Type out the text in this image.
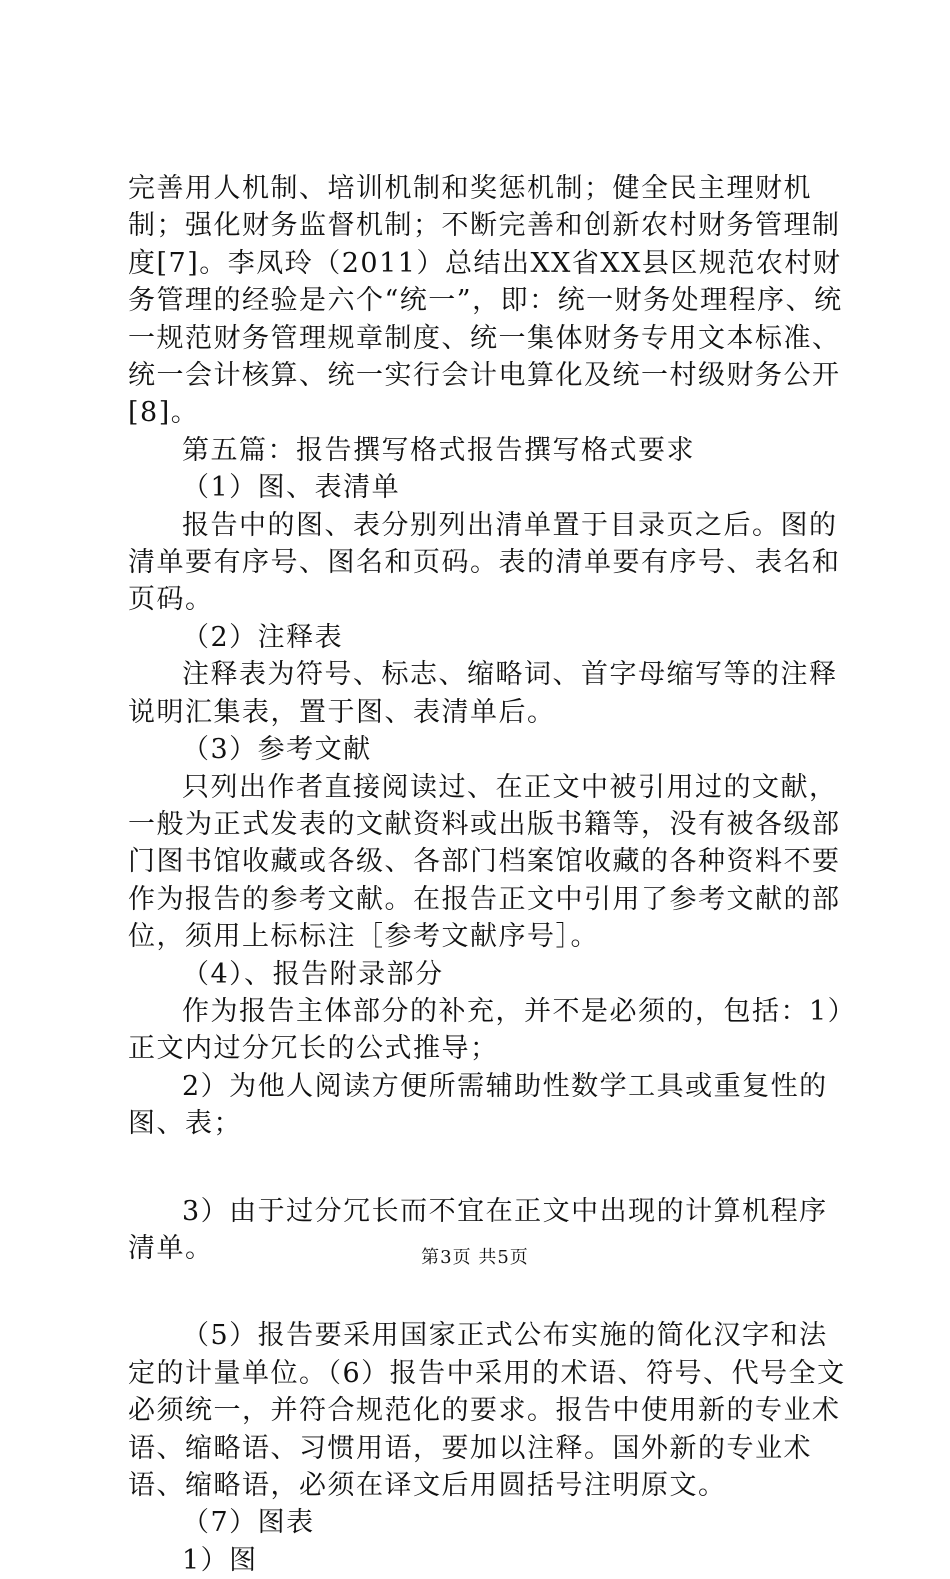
完善用人机制、培训机制和奖惩机制；健全民主理财机制；强化财务监督机制；不断完善和创新农村财务管理制度[7]。李凤玲（2011）总结出XX省XX县区规范农村财务管理的经验是六个“统一”，即：统一财务处理程序、统一规范财务管理规章制度、统一集体财务专用文本标准、统一会计核算、统一实行会计电算化及统一村级财务公开[8]。

第五篇：报告撰写格式报告撰写格式要求

（1）图、表清单

报告中的图、表分别列出清单置于目录页之后。图的清单要有序号、图名和页码。表的清单要有序号、表名和页码。

（2）注释表

注释表为符号、标志、缩略词、首字母缩写等的注释说明汇集表，置于图、表清单后。

（3）参考文献

只列出作者直接阅读过、在正文中被引用过的文献，一般为正式发表的文献资料或出版书籍等，没有被各级部门图书馆收藏或各级、各部门档案馆收藏的各种资料不要作为报告的参考文献。在报告正文中引用了参考文献的部位，须用上标标注［参考文献序号］。

（4）、报告附录部分

作为报告主体部分的补充，并不是必须的，包括：1）正文内过分冗长的公式推导；

2）为他人阅读方便所需辅助性数学工具或重复性的图、表；

3）由于过分冗长而不宜在正文中出现的计算机程序清单。

（5）报告要采用国家正式公布实施的简化汉字和法定的计量单位。（6）报告中采用的术语、符号、代号全文必须统一，并符合规范化的要求。报告中使用新的专业术语、缩略语、习惯用语，要加以注释。国外新的专业术语、缩略语，必须在译文后用圆括号注明原文。

（7）图表

1）图

第3页 共5页
